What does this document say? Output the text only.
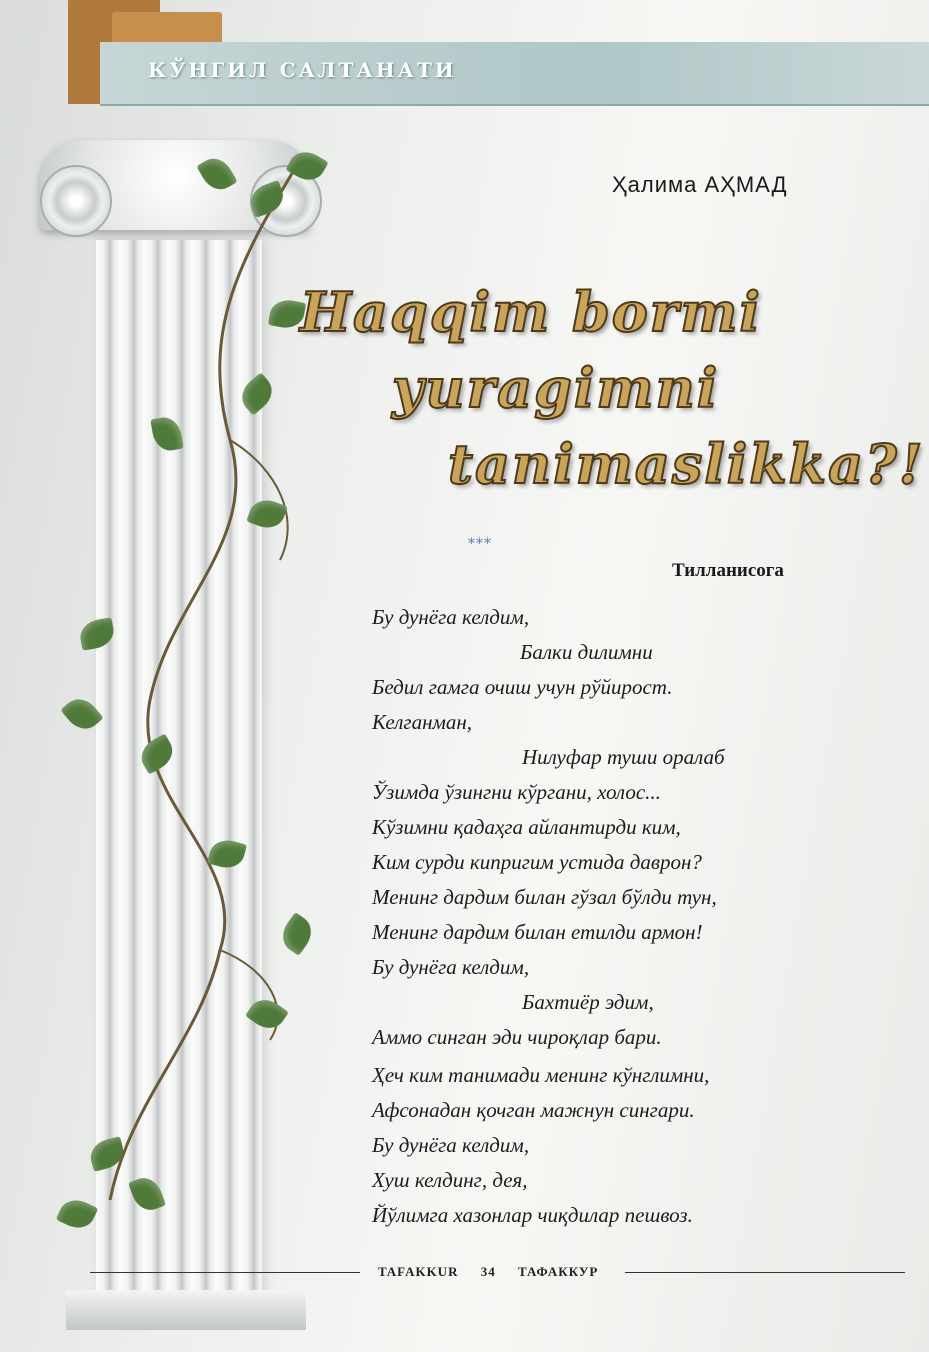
КЎНГИЛ САЛТАНАТИ
Ҳалима АҲМАД
Haqqim bormi
yuragimni
tanimaslikka?!
***
Тилланисога
Бу дунёга келдим,
Балки дилимни
Бедил гамга очиш учун рўйирост.
Келганман,
Нилуфар туши оралаб
Ўзимда ўзингни кўргани, холос...
Кўзимни қадаҳга айлантирди ким,
Ким сурди кипригим устида даврон?
Менинг дардим билан гўзал бўлди тун,
Менинг дардим билан етилди армон!
Бу дунёга келдим,
Бахтиёр эдим,
Аммо синган эди чироқлар бари.
Ҳеч ким танимади менинг кўнглимни,
Афсонадан қочган мажнун сингари.
Бу дунёга келдим,
Хуш келдинг, дея,
Йўлимга хазонлар чиқдилар пешвоз.
TAFAKKUR 34 ТАФАККУР
